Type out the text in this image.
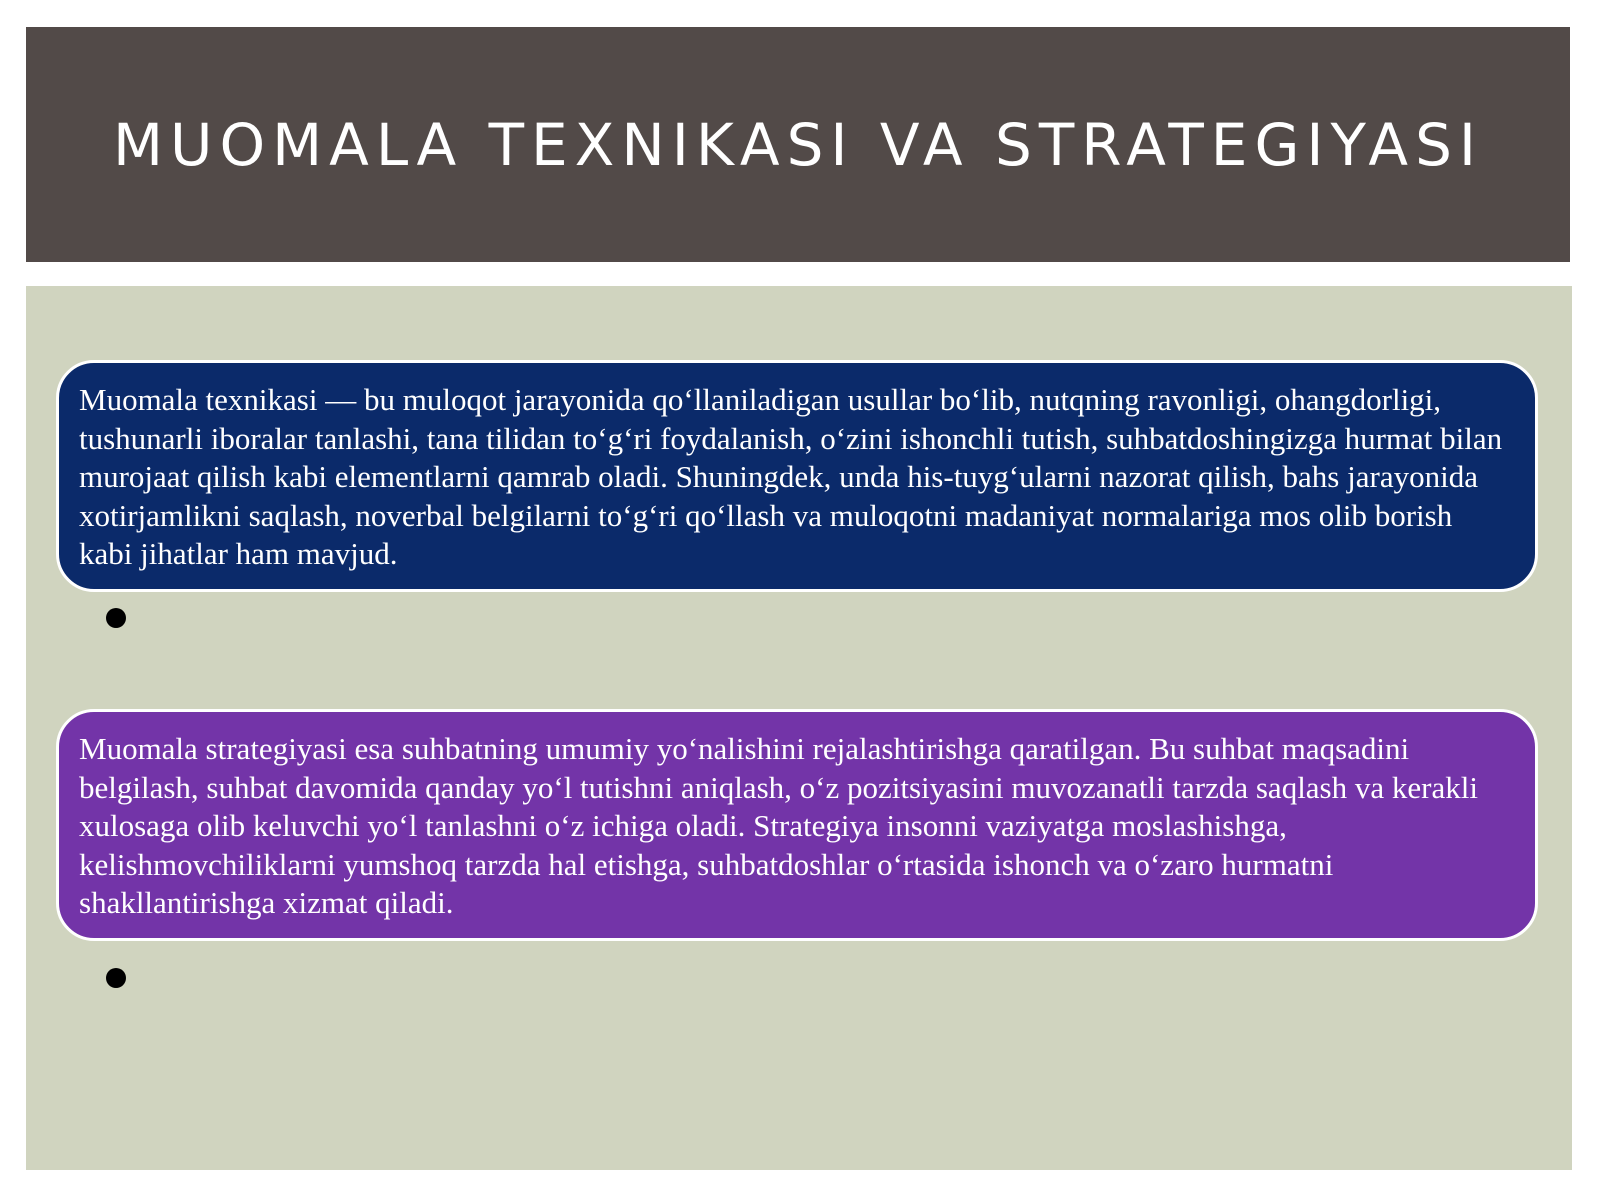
MUOMALA TEXNIKASI VA STRATEGIYASI

Muomala texnikasi — bu muloqot jarayonida qo‘llaniladigan usullar bo‘lib, nutqning ravonligi, ohangdorligi, tushunarli iboralar tanlashi, tana tilidan to‘g‘ri foydalanish, o‘zini ishonchli tutish, suhbatdoshingizga hurmat bilan murojaat qilish kabi elementlarni qamrab oladi. Shuningdek, unda his-tuyg‘ularni nazorat qilish, bahs jarayonida xotirjamlikni saqlash, noverbal belgilarni to‘g‘ri qo‘llash va muloqotni madaniyat normalariga mos olib borish kabi jihatlar ham mavjud.

Muomala strategiyasi esa suhbatning umumiy yo‘nalishini rejalashtirishga qaratilgan. Bu suhbat maqsadini belgilash, suhbat davomida qanday yo‘l tutishni aniqlash, o‘z pozitsiyasini muvozanatli tarzda saqlash va kerakli xulosaga olib keluvchi yo‘l tanlashni o‘z ichiga oladi. Strategiya insonni vaziyatga moslashishga, kelishmovchiliklarni yumshoq tarzda hal etishga, suhbatdoshlar o‘rtasida ishonch va o‘zaro hurmatni shakllantirishga xizmat qiladi.
